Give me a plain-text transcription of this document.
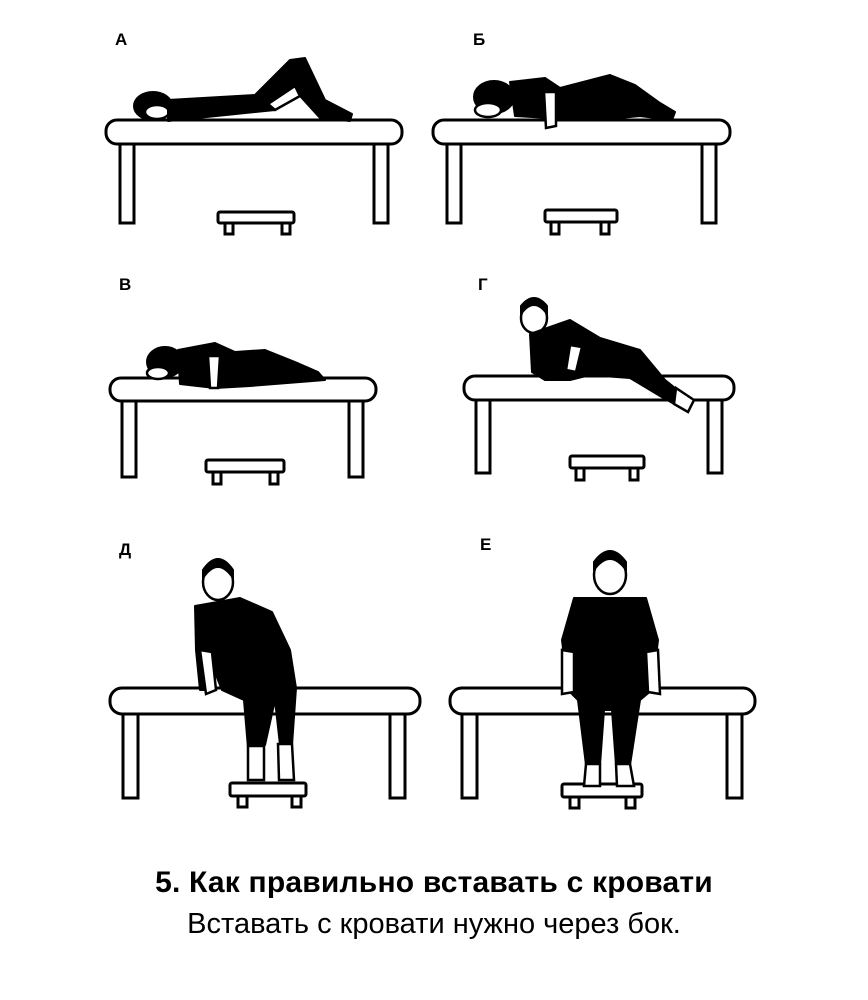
А	Б
В	Г
Д	Е
5. Как правильно вставать с кровати
Вставать с кровати нужно через бок.
